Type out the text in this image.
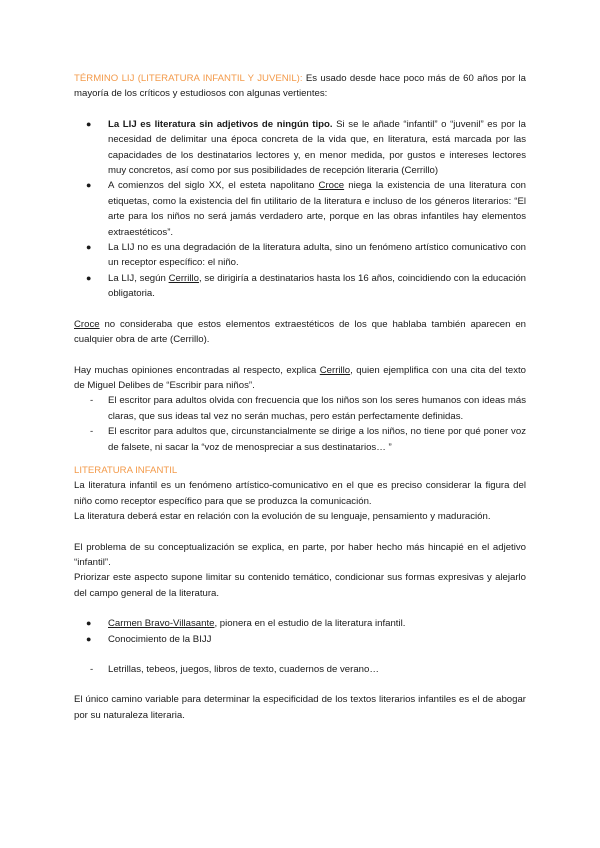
TÉRMINO LIJ (LITERATURA INFANTIL Y JUVENIL): Es usado desde hace poco más de 60 años por la mayoría de los críticos y estudiosos con algunas vertientes:

● La LIJ es literatura sin adjetivos de ningún tipo. Si se le añade “infantil” o “juvenil” es por la necesidad de delimitar una época concreta de la vida que, en literatura, está marcada por las capacidades de los destinatarios lectores y, en menor medida, por gustos e intereses lectores muy concretos, así como por sus posibilidades de recepción literaria (Cerrillo)
● A comienzos del siglo XX, el esteta napolitano Croce niega la existencia de una literatura con etiquetas, como la existencia del fin utilitario de la literatura e incluso de los géneros literarios: “El arte para los niños no será jamás verdadero arte, porque en las obras infantiles hay elementos extraestéticos”.
● La LIJ no es una degradación de la literatura adulta, sino un fenómeno artístico comunicativo con un receptor específico: el niño.
● La LIJ, según Cerrillo, se dirigiría a destinatarios hasta los 16 años, coincidiendo con la educación obligatoria.

Croce no consideraba que estos elementos extraestéticos de los que hablaba también aparecen en cualquier obra de arte (Cerrillo).

Hay muchas opiniones encontradas al respecto, explica Cerrillo, quien ejemplifica con una cita del texto de Miguel Delibes de “Escribir para niños”.

- El escritor para adultos olvida con frecuencia que los niños son los seres humanos con ideas más claras, que sus ideas tal vez no serán muchas, pero están perfectamente definidas.
- El escritor para adultos que, circunstancialmente se dirige a los niños, no tiene por qué poner voz de falsete, ni sacar la “voz de menospreciar a sus destinatarios… ”

LITERATURA INFANTIL

La literatura infantil es un fenómeno artístico-comunicativo en el que es preciso considerar la figura del niño como receptor específico para que se produzca la comunicación.

La literatura deberá estar en relación con la evolución de su lenguaje, pensamiento y maduración.

El problema de su conceptualización se explica, en parte, por haber hecho más hincapié en el adjetivo “infantil”.

Priorizar este aspecto supone limitar su contenido temático, condicionar sus formas expresivas y alejarlo del campo general de la literatura.

● Carmen Bravo-Villasante, pionera en el estudio de la literatura infantil.
● Conocimiento de la BIJJ
- Letrillas, tebeos, juegos, libros de texto, cuadernos de verano…

El único camino variable para determinar la especificidad de los textos literarios infantiles es el de abogar por su naturaleza literaria.
